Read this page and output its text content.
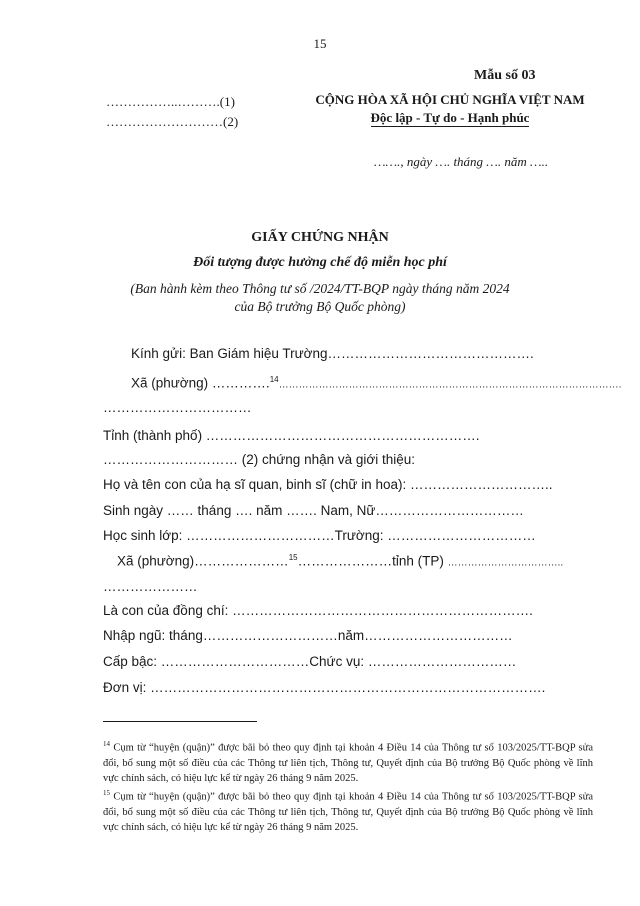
15
Mẫu số 03
……………..……….(1)
………………………(2)
CỘNG HÒA XÃ HỘI CHỦ NGHĨA VIỆT NAM
Độc lập - Tự do - Hạnh phúc
……., ngày …. tháng …. năm …..
GIẤY CHỨNG NHẬN
Đối tượng được hưởng chế độ miễn học phí
(Ban hành kèm theo Thông tư số /2024/TT-BQP ngày tháng năm 2024
của Bộ trưởng Bộ Quốc phòng)
Kính gửi: Ban Giám hiệu Trường……………………………………….
Xã (phường) ………….$^{14}$………………………………………………………………………………………….
……………………………
Tỉnh (thành phố) …………………………………………………….
………………………… (2) chứng nhận và giới thiệu:
Họ và tên con của hạ sĩ quan, binh sĩ (chữ in hoa): …………………………..
Sinh ngày …… tháng …. năm ……. Nam, Nữ……………………………
Học sinh lớp: ……………………………Trường: ……………………………
Xã (phường)…………………$^{15}$…………………tỉnh (TP) ……………………………..
…………………
Là con của đồng chí: ………………………………………………………….
Nhập ngũ: tháng…………………………năm……………………………
Cấp bậc: ……………………………Chức vụ: ……………………………
Đơn vị: …………………………………………………………………………….
$^{14}$ Cụm từ “huyện (quận)” được bãi bỏ theo quy định tại khoản 4 Điều 14 của Thông tư số 103/2025/TT-BQP sửa đổi, bổ sung một số điều của các Thông tư liên tịch, Thông tư, Quyết định của Bộ trưởng Bộ Quốc phòng về lĩnh vực chính sách, có hiệu lực kể từ ngày 26 tháng 9 năm 2025.
$^{15}$ Cụm từ “huyện (quận)” được bãi bỏ theo quy định tại khoản 4 Điều 14 của Thông tư số 103/2025/TT-BQP sửa đổi, bổ sung một số điều của các Thông tư liên tịch, Thông tư, Quyết định của Bộ trưởng Bộ Quốc phòng về lĩnh vực chính sách, có hiệu lực kể từ ngày 26 tháng 9 năm 2025.
